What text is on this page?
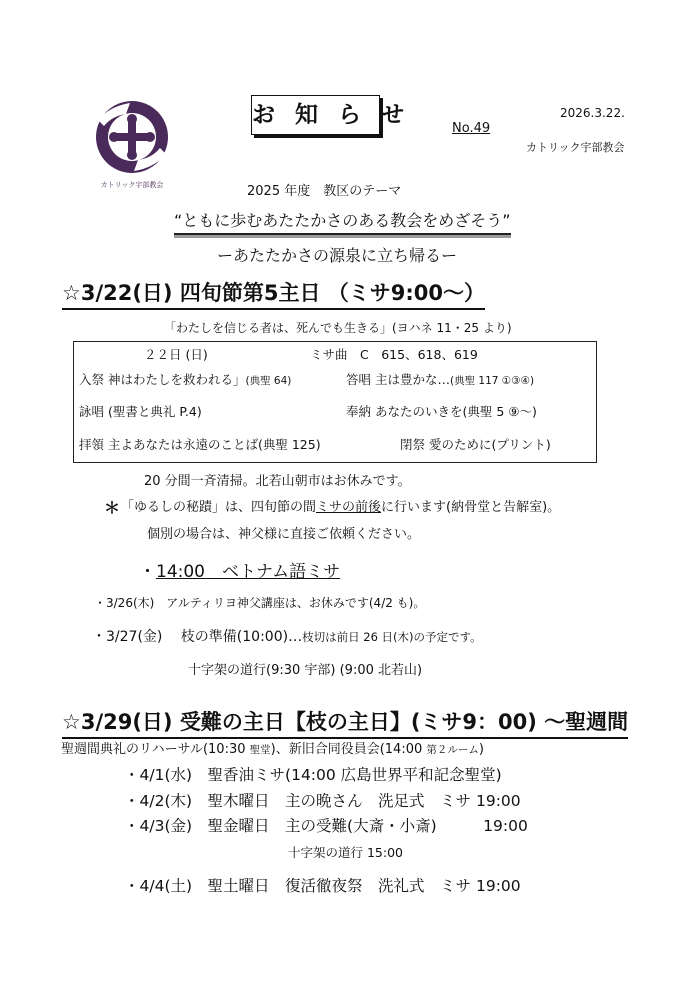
カトリック宇部教会
お 知 ら せ	2026.3.22.
No.49
カトリック宇部教会
2025 年度　教区のテーマ
“ともに歩むあたたかさのある教会をめざそう”
ーあたたかさの源泉に立ち帰るー
☆3/22(日) 四旬節第5主日 （ミサ9:00～）
「わたしを信じる者は、死んでも生きる」(ヨハネ 11・25 より)
２２日 (日)	ミサ曲　C　615、618、619
入祭 神はわたしを救われる」(典聖 64)	答唱 主は豊かな…(典聖 117 ①③④)
詠唱 (聖書と典礼 P.4)	奉納 あなたのいきを(典聖 5 ⑨～)
拝領 主よあなたは永遠のことば(典聖 125)	閉祭 愛のために(プリント)
20 分間一斉清掃。北若山朝市はお休みです。
＊ 「ゆるしの秘蹟」は、四旬節の間ミサの前後に行います(納骨堂と告解室)。
個別の場合は、神父様に直接ご依頼ください。
・14:00　ベトナム語ミサ
・3/26(木)　アルティリヨ神父講座は、お休みです(4/2 も)。
・3/27(金)　 枝の準備(10:00)…枝切は前日 26 日(木)の予定です。
十字架の道行(9:30 宇部) (9:00 北若山)
☆3/29(日) 受難の主日【枝の主日】(ミサ9：00) ～聖週間
聖週間典礼のリハーサル(10:30 聖堂)、新旧合同役員会(14:00 第２ルーム)
・4/1(水)　聖香油ミサ(14:00 広島世界平和記念聖堂)
・4/2(木)　聖木曜日　主の晩さん　洗足式　ミサ 19:00
・4/3(金)　聖金曜日　主の受難(大斎・小斎)　　　19:00
十字架の道行 15:00
・4/4(土)　聖土曜日　復活徹夜祭　洗礼式　ミサ 19:00
